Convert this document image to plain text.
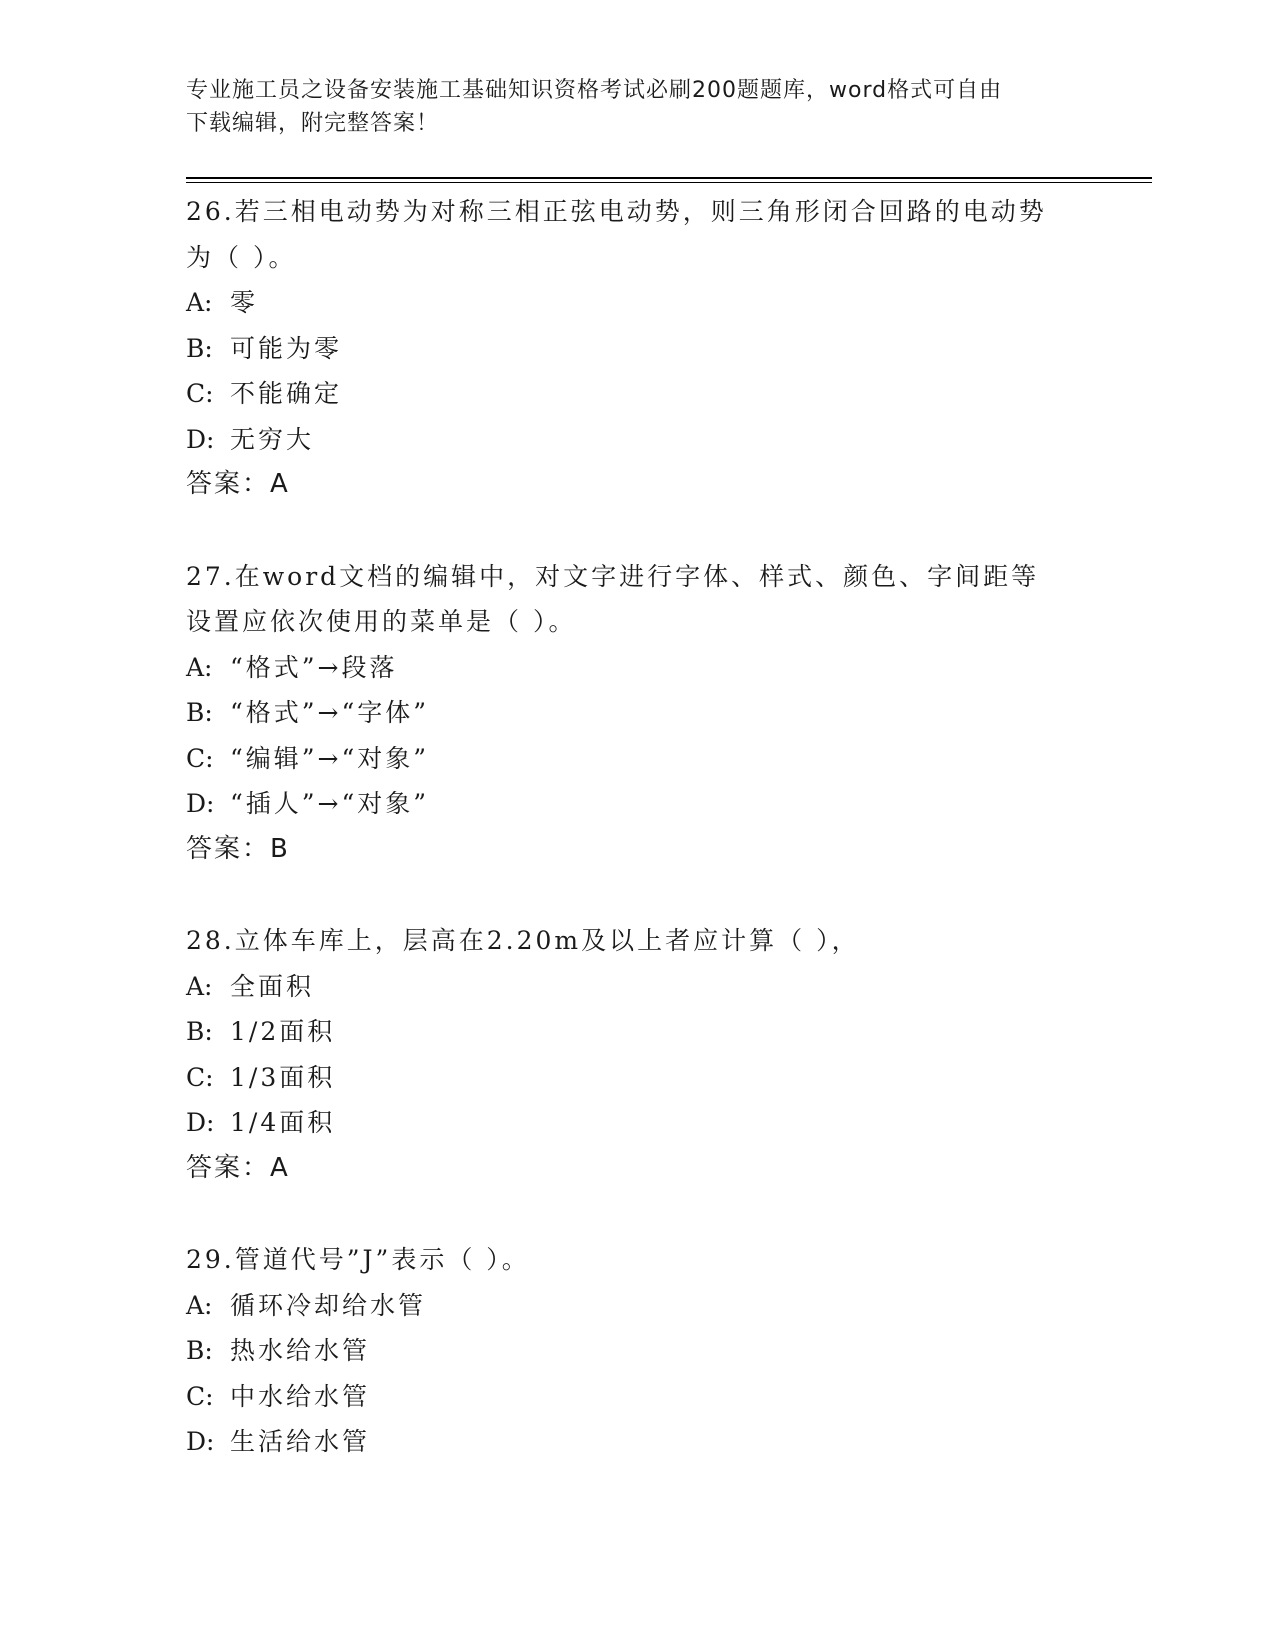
专业施工员之设备安装施工基础知识资格考试必刷200题题库，word格式可自由
下载编辑，附完整答案！
26.若三相电动势为对称三相正弦电动势，则三角形闭合回路的电动势
为（ ）。
A: 零
B: 可能为零
C: 不能确定
D: 无穷大
答案：A
27.在word文档的编辑中，对文字进行字体、样式、颜色、字间距等
设置应依次使用的菜单是（ ）。
A: “格式”→段落
B: “格式”→“字体”
C: “编辑”→“对象”
D: “插人”→“对象”
答案：B
28.立体车库上，层高在2.20m及以上者应计算（ ），
A: 全面积
B: 1/2面积
C: 1/3面积
D: 1/4面积
答案：A
29.管道代号”J”表示（ ）。
A: 循环冷却给水管
B: 热水给水管
C: 中水给水管
D: 生活给水管
